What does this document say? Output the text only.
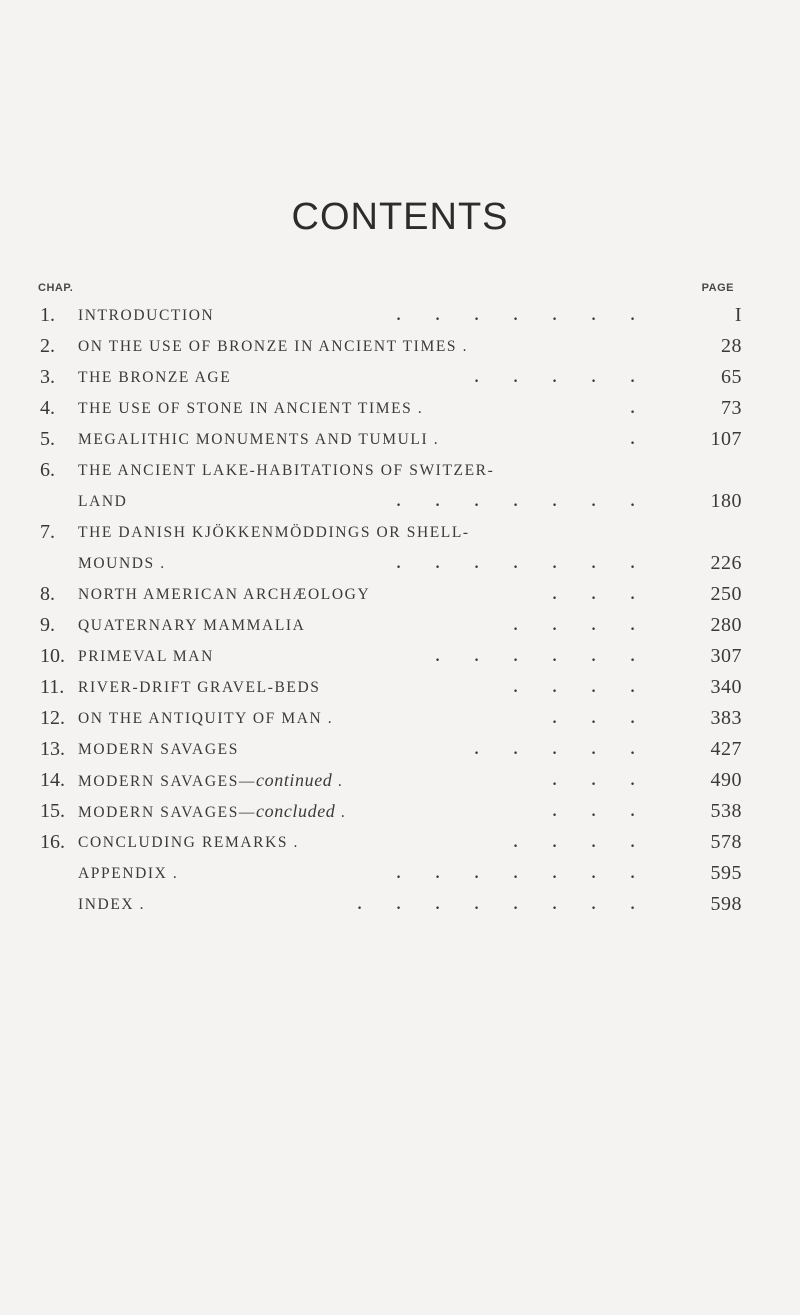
CONTENTS
CHAP.	PAGE
1.	INTRODUCTION	. . . . . . .	I
2.	ON THE USE OF BRONZE IN ANCIENT TIMES .	28
3.	THE BRONZE AGE	. . . . .	65
4.	THE USE OF STONE IN ANCIENT TIMES .	.	73
5.	MEGALITHIC MONUMENTS AND TUMULI .	.	107
6.	THE ANCIENT LAKE-HABITATIONS OF SWITZER-
LAND	. . . . . . .	180
7.	THE DANISH KJÖKKENMÖDDINGS OR SHELL-
MOUNDS .	. . . . . . .	226
8.	NORTH AMERICAN ARCHÆOLOGY	. . .	250
9.	QUATERNARY MAMMALIA	. . . .	280
10. PRIMEVAL MAN	. . . . . .	307
11. RIVER-DRIFT GRAVEL-BEDS	. . . .	340
12. ON THE ANTIQUITY OF MAN .	. . .	383
13. MODERN SAVAGES	. . . . .	427
14. MODERN SAVAGES—continued .	. . .	490
15. MODERN SAVAGES—concluded .	. . .	538
16. CONCLUDING REMARKS .	. . . .	578
APPENDIX .	. . . . . . .	595
INDEX .	. . . . . . . .	598
